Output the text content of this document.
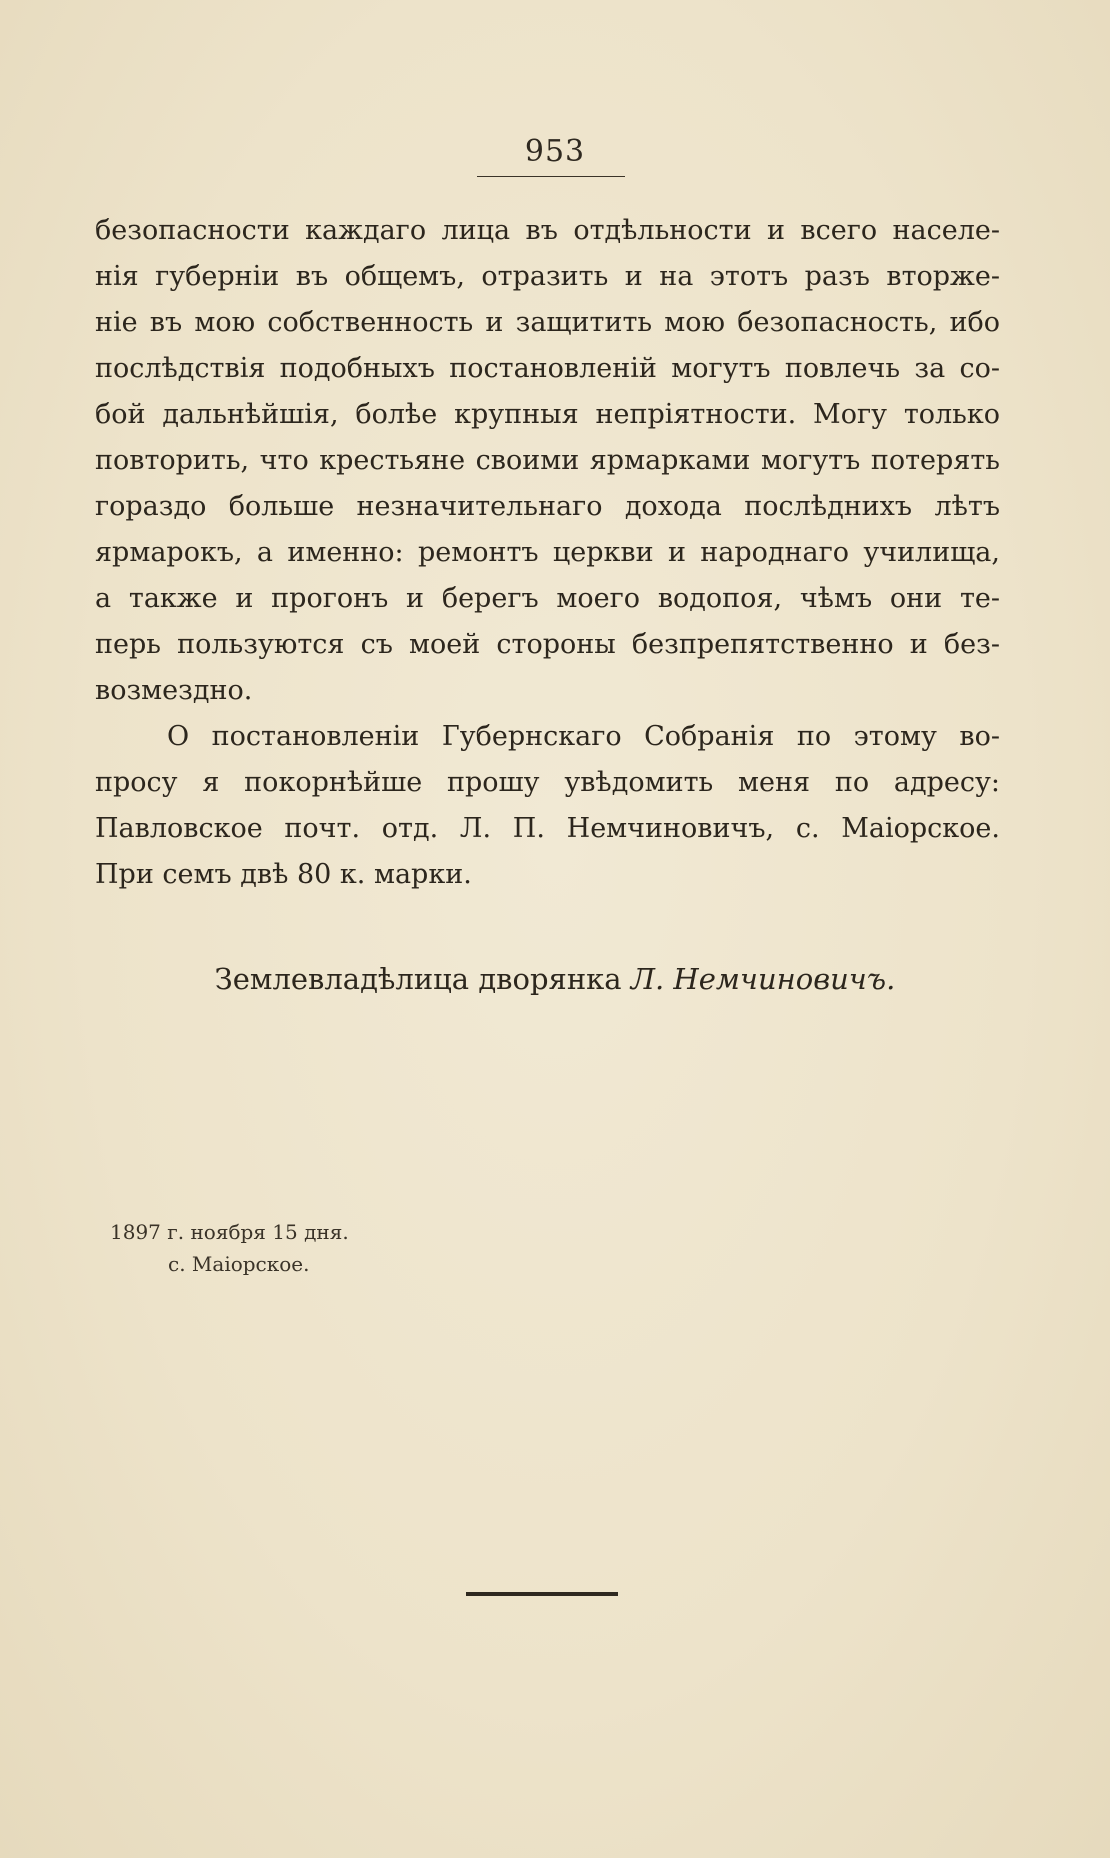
953
безопасности каждаго лица въ отдѣльности и всего населе-
нія губерніи въ общемъ, отразить и на этотъ разъ вторже-
ніе въ мою собственность и защитить мою безопасность, ибо
послѣдствія подобныхъ постановленій могутъ повлечь за со-
бой дальнѣйшія, болѣе крупныя непріятности. Могу только
повторить, что крестьяне своими ярмарками могутъ потерять
гораздо больше незначительнаго дохода послѣднихъ лѣтъ
ярмарокъ, а именно: ремонтъ церкви и народнаго училища,
а также и прогонъ и берегъ моего водопоя, чѣмъ они те-
перь пользуются съ моей стороны безпрепятственно и без-
возмездно.
О постановленіи Губернскаго Собранія по этому во-
просу я покорнѣйше прошу увѣдомить меня по адресу:
Павловское почт. отд. Л. П. Немчиновичъ, с. Маіорское.
При семъ двѣ 80 к. марки.
Землевладѣлица дворянка Л. Немчиновичъ.
1897 г. ноября 15 дня.
с. Маіорское.
